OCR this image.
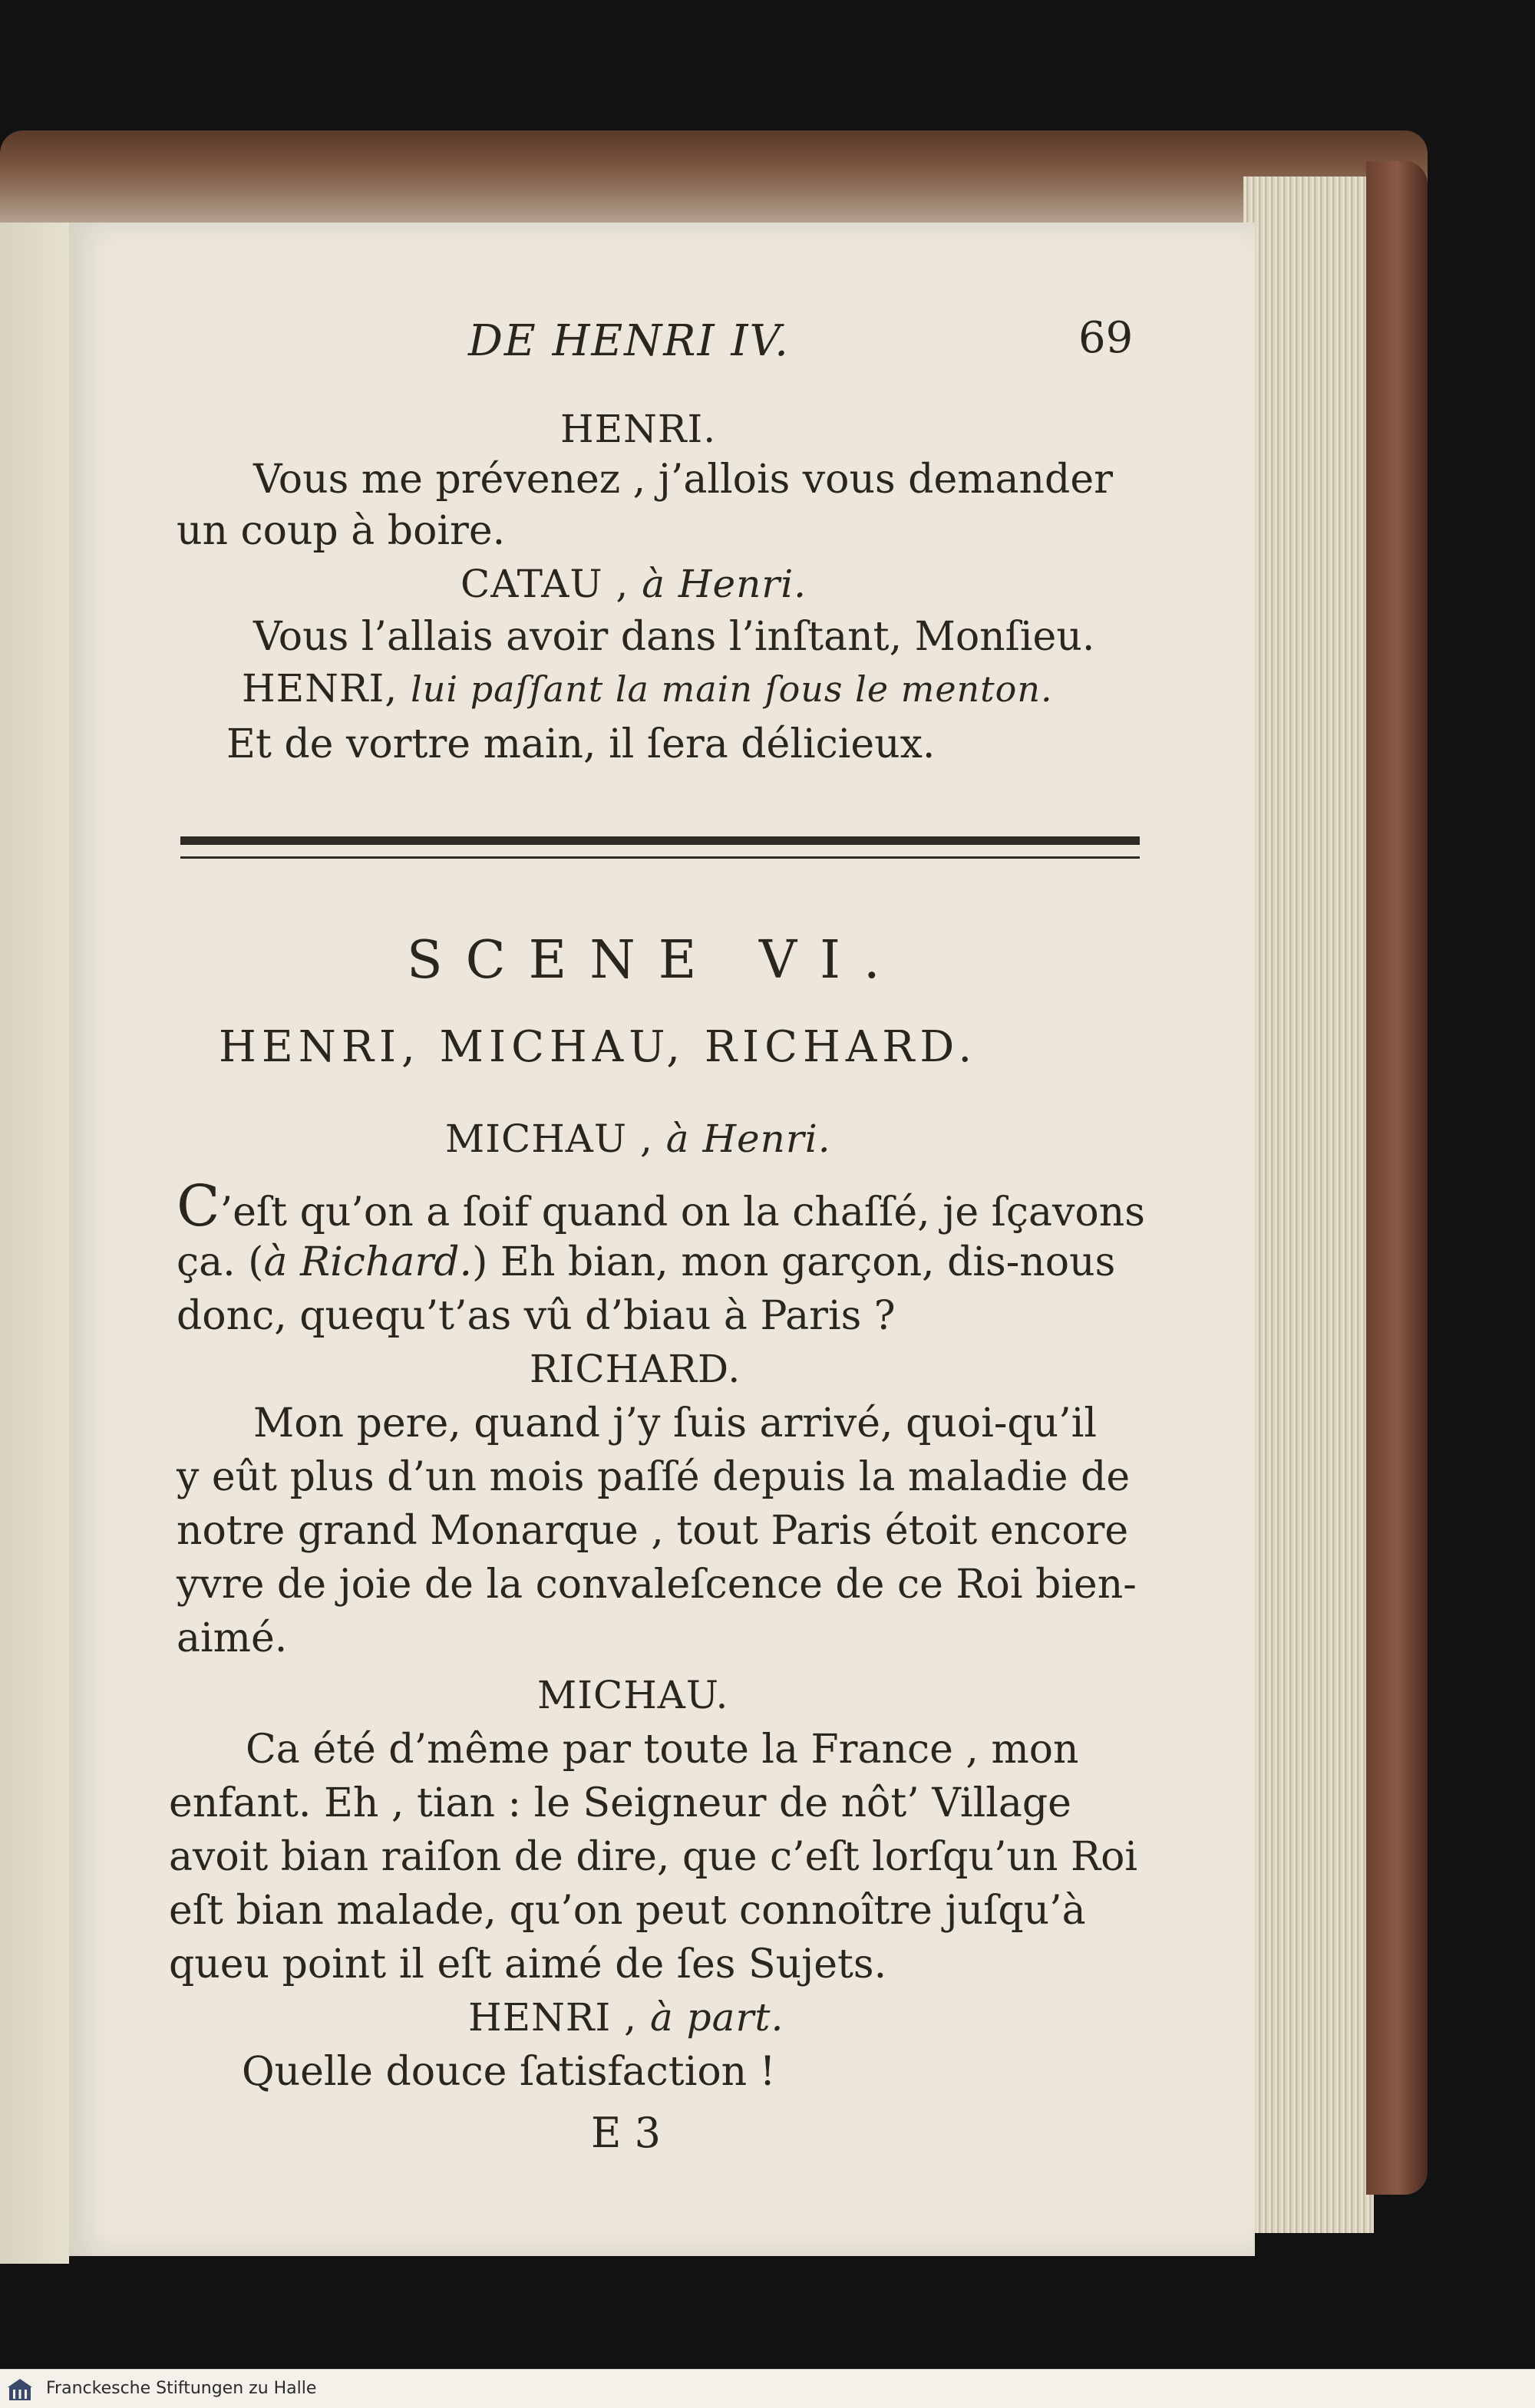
DE HENRI IV.	69
HENRI.
Vous me prévenez , j’allois vous demander
un coup à boire.
CATAU , à Henri.
Vous l’allais avoir dans l’inſtant, Monſieu.
HENRI, lui paſſant la main ſous le menton.
Et de vortre main, il ſera délicieux.
SCENE VI.
HENRI, MICHAU, RICHARD.
MICHAU , à Henri.
C’eſt qu’on a ſoif quand on la chaſſé, je ſçavons
ça. (à Richard.) Eh bian, mon garçon, dis-nous
donc, quequ’t’as vû d’biau à Paris ?
RICHARD.
Mon pere, quand j’y ſuis arrivé, quoi-qu’il
y eût plus d’un mois paſſé depuis la maladie de
notre grand Monarque , tout Paris étoit encore
yvre de joie de la convaleſcence de ce Roi bien-
aimé.
MICHAU.
Ca été d’même par toute la France , mon
enfant. Eh , tian : le Seigneur de nôt’ Village
avoit bian raiſon de dire, que c’eſt lorſqu’un Roi
eſt bian malade, qu’on peut connoître juſqu’à
queu point il eſt aimé de ſes Sujets.
HENRI , à part.
Quelle douce ſatisfaction !
E 3
Franckesche Stiftungen zu Halle
